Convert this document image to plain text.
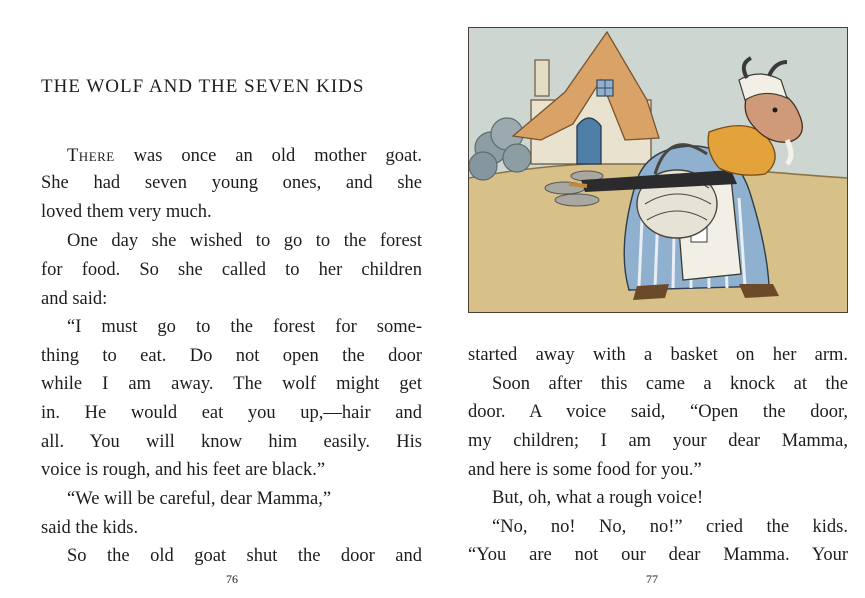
THE WOLF AND THE SEVEN KIDS

There was once an old mother goat.

She had seven young ones, and she

loved them very much.

One day she wished to go to the forest

for food. So she called to her children

and said:

“I must go to the forest for some-

thing to eat. Do not open the door

while I am away. The wolf might get

in. He would eat you up,—hair and

all. You will know him easily. His

voice is rough, and his feet are black.”

“We will be careful, dear Mamma,”

said the kids.

So the old goat shut the door and

76

started away with a basket on her arm.

Soon after this came a knock at the

door. A voice said, “Open the door,

my children; I am your dear Mamma,

and here is some food for you.”

But, oh, what a rough voice!

“No, no! No, no!” cried the kids.

“You are not our dear Mamma. Your

77
